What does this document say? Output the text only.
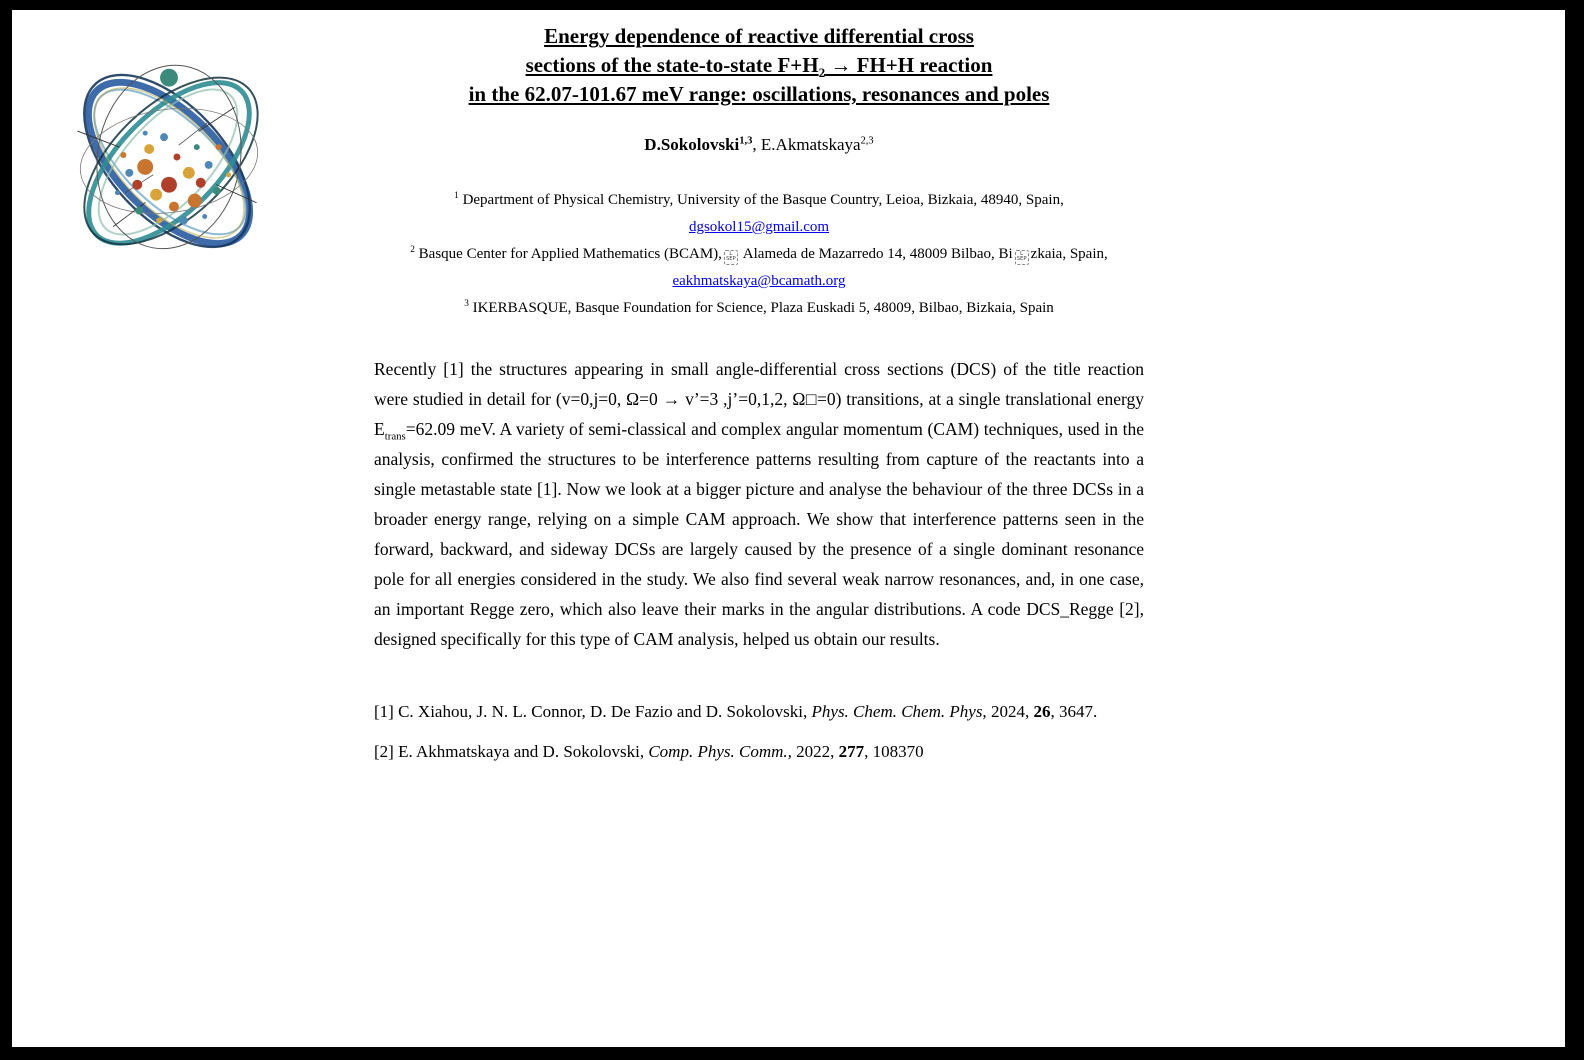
Energy dependence of reactive differential cross
sections of the state-to-state $F+H_2 \to FH+H$ reaction
in the 62.07-101.67 meV range: oscillations, resonances and poles
D.Sokolovski$^{1,3}$, E.Akmatskaya$^{2,3}$
$^1$ Department of Physical Chemistry, University of the Basque Country, Leioa, Bizkaia, 48940, Spain,
dgsokol15@gmail.com
$^2$ Basque Center for Applied Mathematics (BCAM),	L
SEP Alameda de Mazarredo 14, 48009 Bilbao, Bi	L
SEP zkaia, Spain,
eakhmatskaya@bcamath.org
$^3$ IKERBASQUE, Basque Foundation for Science, Plaza Euskadi 5, 48009, Bilbao, Bizkaia, Spain
Recently [1] the structures appearing in small angle-differential cross sections (DCS) of the title reaction were studied in detail for (v=0,j=0, Ω=0 → v’=3 ,j’=0,1,2, Ω□=0) transitions, at a single translational energy $E_{trans}=62.09$ meV. A variety of semi-classical and complex angular momentum (CAM) techniques, used in the analysis, confirmed the structures to be interference patterns resulting from capture of the reactants into a single metastable state [1]. Now we look at a bigger picture and analyse the behaviour of the three DCSs in a broader energy range, relying on a simple CAM approach. We show that interference patterns seen in the forward, backward, and sideway DCSs are largely caused by the presence of a single dominant resonance pole for all energies considered in the study. We also find several weak narrow resonances, and, in one case, an important Regge zero, which also leave their marks in the angular distributions. A code DCS_Regge [2], designed specifically for this type of CAM analysis, helped us obtain our results.
[1] C. Xiahou, J. N. L. Connor, D. De Fazio and D. Sokolovski, Phys. Chem. Chem. Phys, 2024, 26, 3647.
[2] E. Akhmatskaya and D. Sokolovski, Comp. Phys. Comm., 2022, 277, 108370
